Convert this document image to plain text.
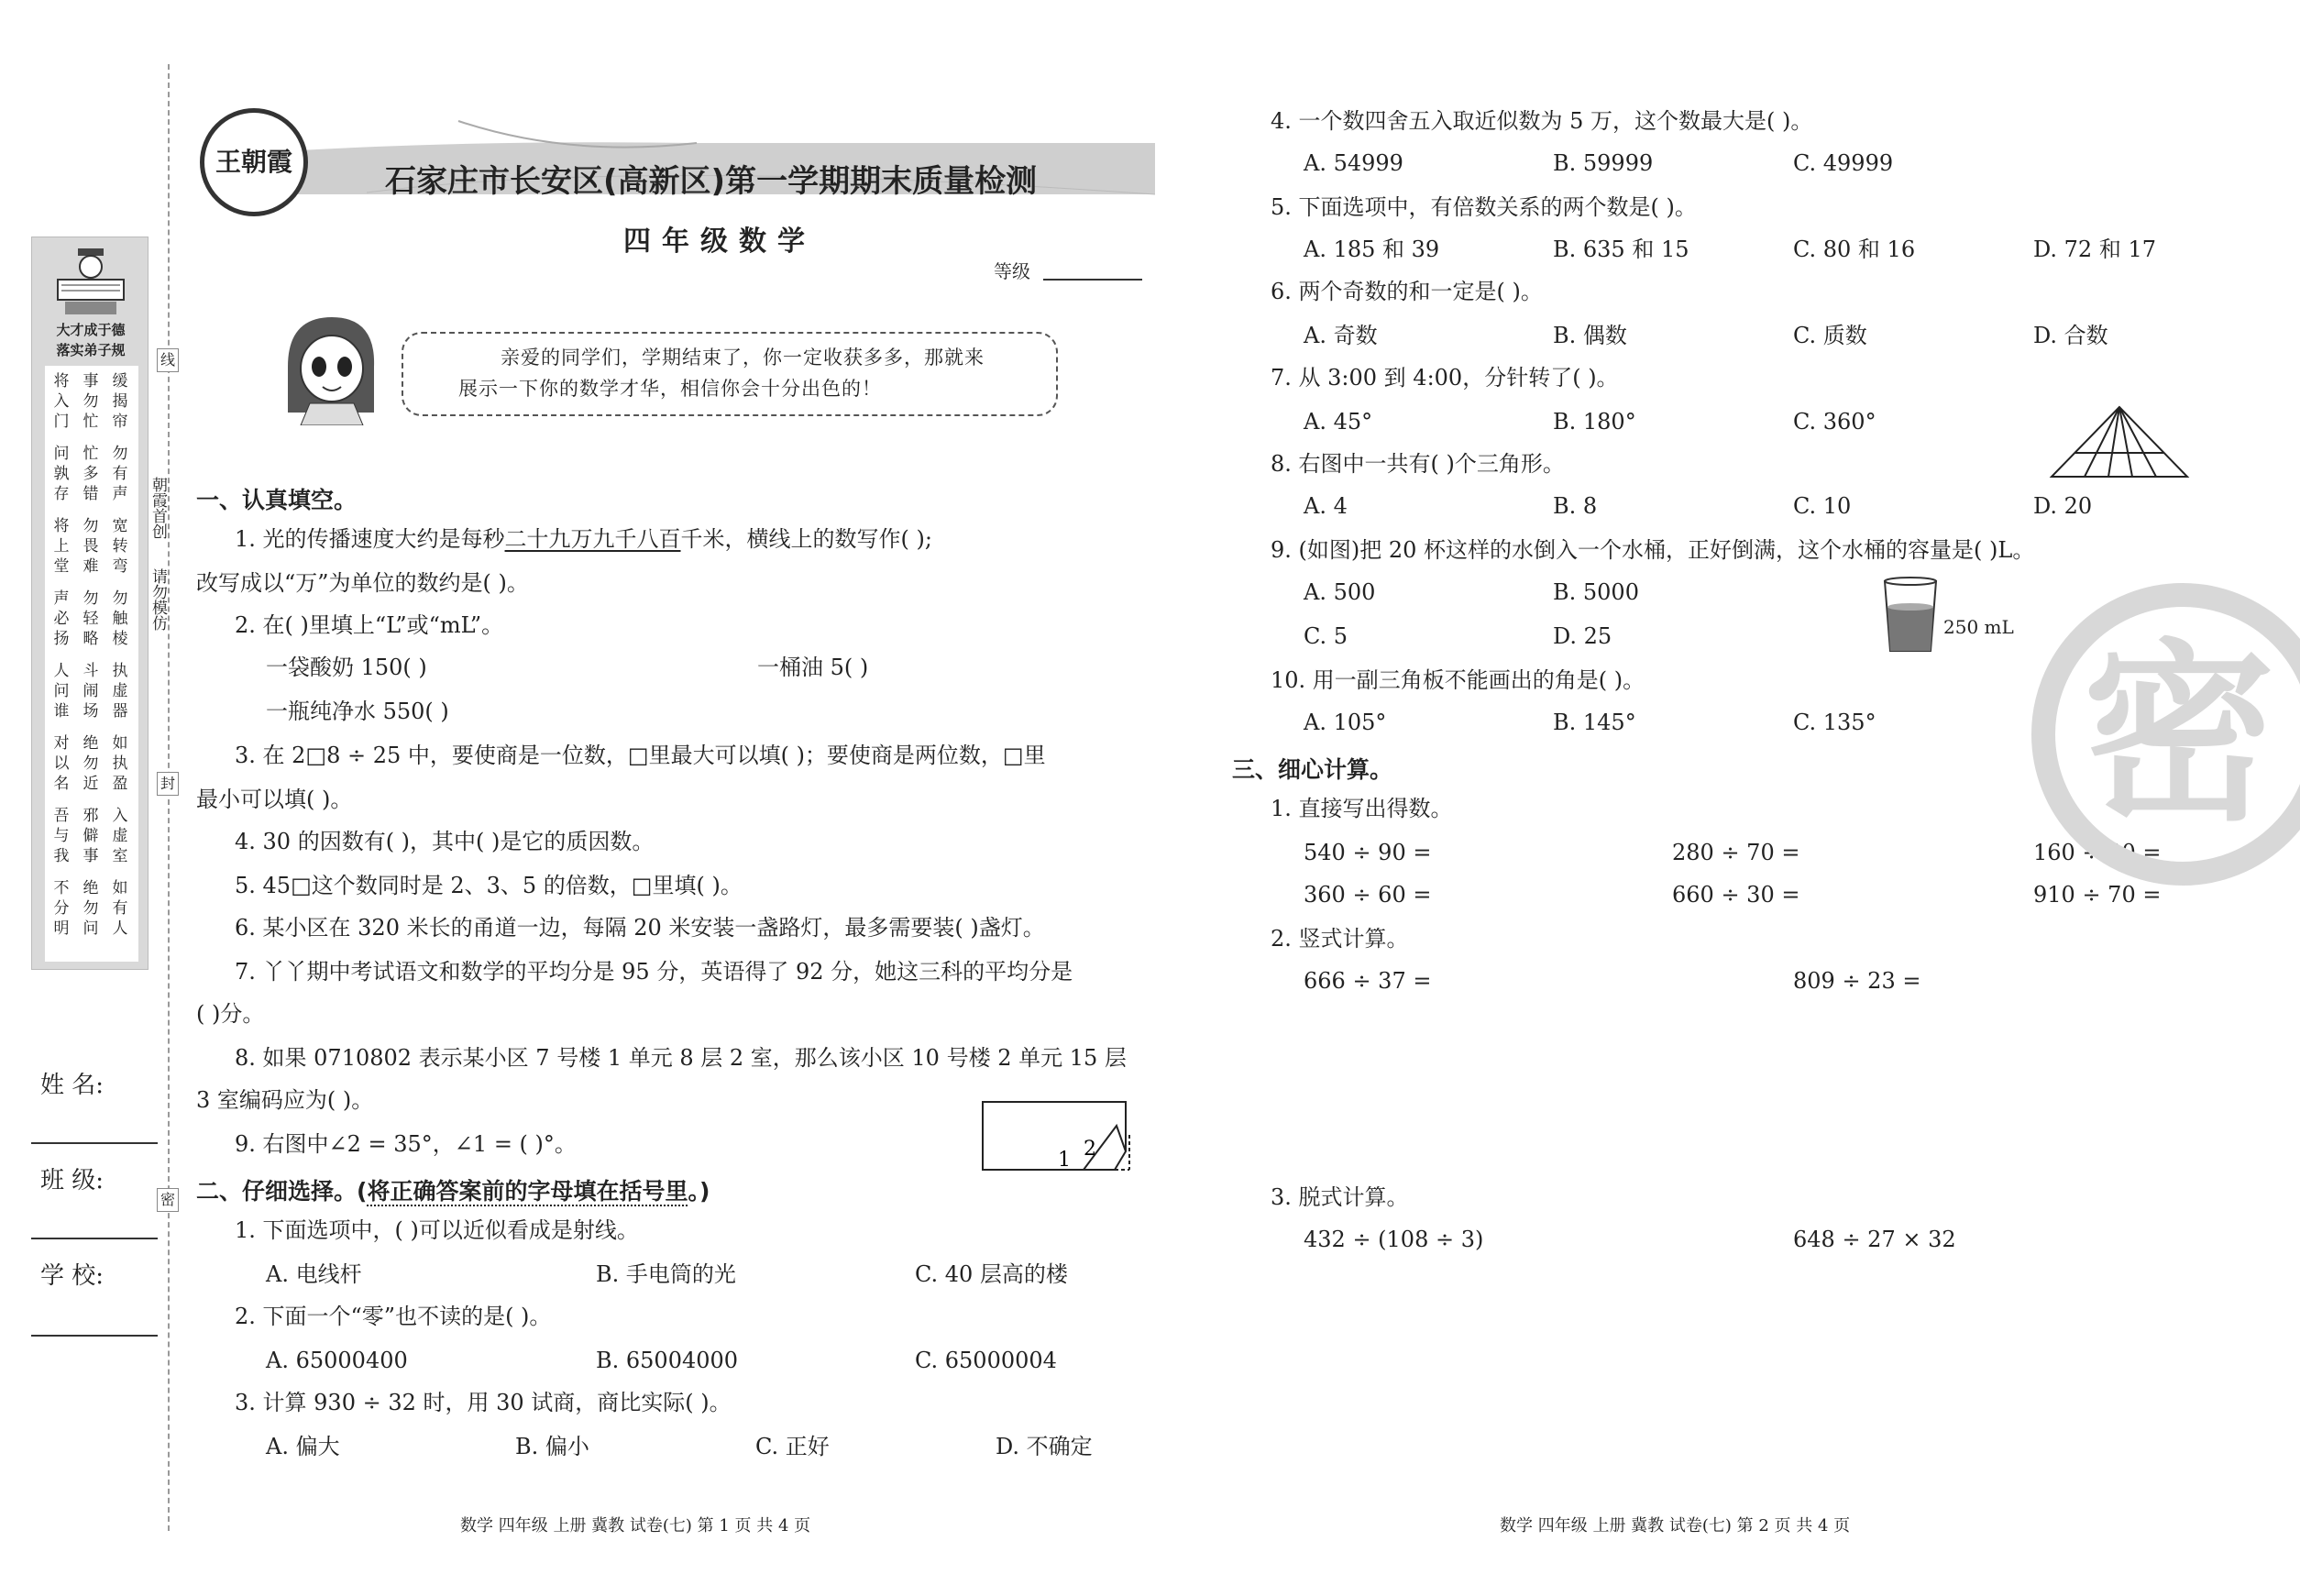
线
封
密
朝霞首创
请勿模仿
大才成于德
落实弟子规
将入门
事勿忙
缓揭帘
问孰存
忙多错
勿有声
将上堂
勿畏难
宽转弯
声必扬
勿轻略
勿触棱
人问谁
斗闹场
执虚器
对以名
绝勿近
如执盈
吾与我
邪僻事
入虚室
不分明
绝勿问
如有人
姓 名:
班 级:
学 校:
王朝霞
石家庄市长安区(高新区)第一学期期末质量检测
四年级数学
等级
亲爱的同学们，学期结束了，你一定收获多多，那就来
展示一下你的数学才华，相信你会十分出色的！
一、认真填空。
1. 光的传播速度大约是每秒二十九万九千八百千米，横线上的数写作( );
改写成以“万”为单位的数约是( )。
2. 在( )里填上“L”或“mL”。
一袋酸奶 150( )	一桶油 5( )
一瓶纯净水 550( )
3. 在 2□8 ÷ 25 中，要使商是一位数，□里最大可以填( )；要使商是两位数，□里
最小可以填( )。
4. 30 的因数有( )，其中( )是它的质因数。
5. 45□这个数同时是 2、3、5 的倍数，□里填( )。
6. 某小区在 320 米长的甬道一边，每隔 20 米安装一盏路灯，最多需要装( )盏灯。
7. 丫丫期中考试语文和数学的平均分是 95 分，英语得了 92 分，她这三科的平均分是
( )分。
8. 如果 0710802 表示某小区 7 号楼 1 单元 8 层 2 室，那么该小区 10 号楼 2 单元 15 层
3 室编码应为( )。
9. 右图中∠2 = 35°，∠1 = ( )°。
1 2
二、仔细选择。(将正确答案前的字母填在括号里。)
1. 下面选项中，( )可以近似看成是射线。
A. 电线杆	B. 手电筒的光	C. 40 层高的楼
2. 下面一个“零”也不读的是( )。
A. 65000400	B. 65004000	C. 65000004
3. 计算 930 ÷ 32 时，用 30 试商，商比实际( )。
A. 偏大	B. 偏小	C. 正好	D. 不确定
数学 四年级 上册 冀教 试卷(七) 第 1 页 共 4 页
4. 一个数四舍五入取近似数为 5 万，这个数最大是( )。
A. 54999	B. 59999	C. 49999
5. 下面选项中，有倍数关系的两个数是( )。
A. 185 和 39	B. 635 和 15	C. 80 和 16	D. 72 和 17
6. 两个奇数的和一定是( )。
A. 奇数	B. 偶数	C. 质数	D. 合数
7. 从 3:00 到 4:00，分针转了( )。
A. 45°	B. 180°	C. 360°
8. 右图中一共有( )个三角形。
A. 4	B. 8	C. 10	D. 20
9. (如图)把 20 杯这样的水倒入一个水桶，正好倒满，这个水桶的容量是( )L。
A. 500	B. 5000
C. 5	D. 25	250 mL
10. 用一副三角板不能画出的角是( )。
A. 105°	B. 145°	C. 135°
三、细心计算。
1. 直接写出得数。
540 ÷ 90 =	280 ÷ 70 =	160 ÷ 40 =
360 ÷ 60 =	660 ÷ 30 =	910 ÷ 70 =
2. 竖式计算。
666 ÷ 37 =	809 ÷ 23 =
3. 脱式计算。
432 ÷ (108 ÷ 3)	648 ÷ 27 × 32
密
数学 四年级 上册 冀教 试卷(七) 第 2 页 共 4 页
